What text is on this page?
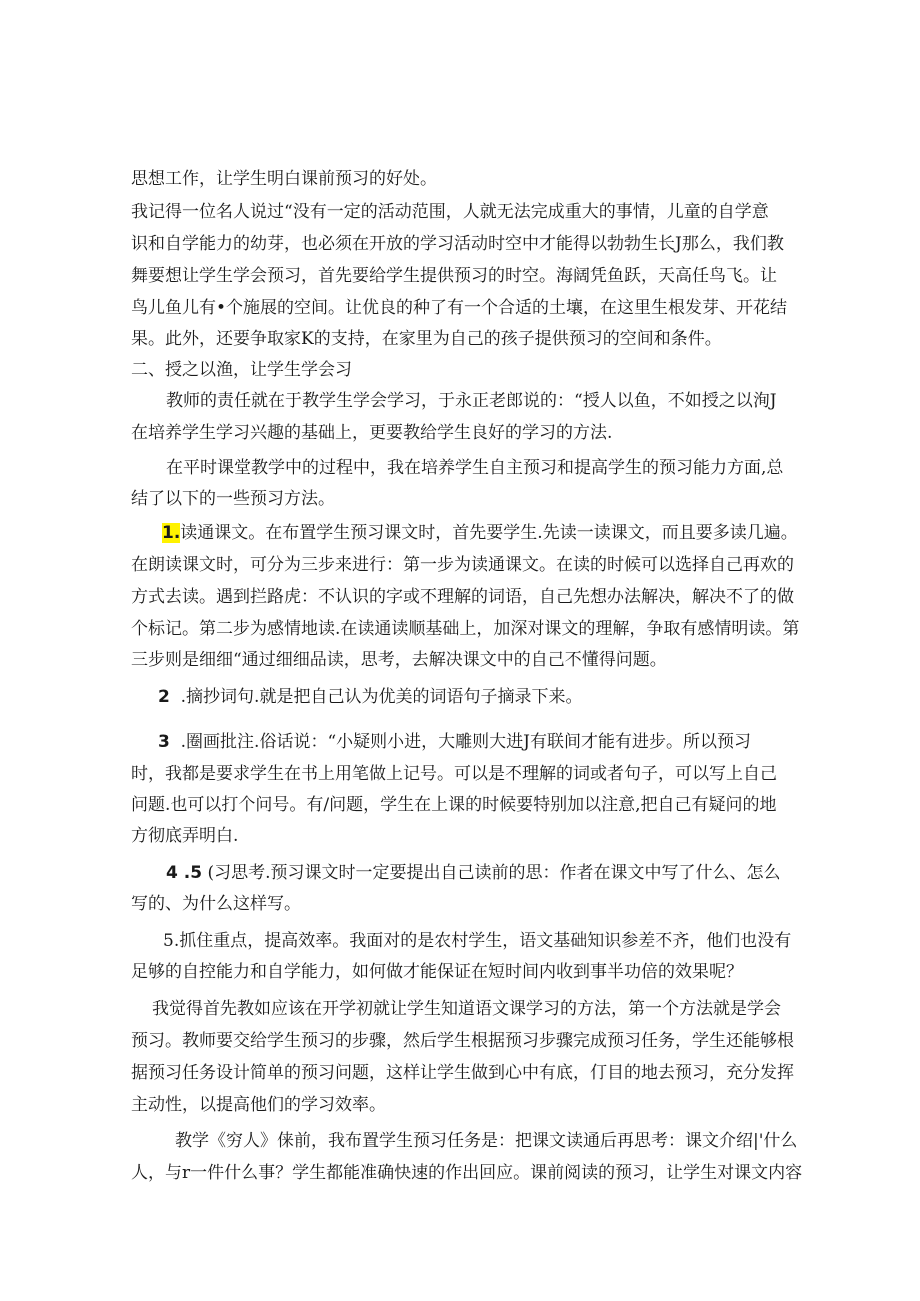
思想工作，让学生明白课前预习的好处。
我记得一位名人说过“没有一定的活动范围，人就无法完成重大的事情，儿童的自学意
识和自学能力的幼芽，也必须在开放的学习活动时空中才能得以勃勃生长J那么，我们教
舞要想让学生学会预习，首先要给学生提供预习的时空。海阔凭鱼跃，天高任鸟飞。让
鸟儿鱼儿有•个施展的空间。让优良的种了有一个合适的土壤，在这里生根发芽、开花结
果。此外，还要争取家K的支持，在家里为自己的孩子提供预习的空间和条件。
二、授之以渔，让学生学会习
教师的责任就在于教学生学会学习，于永正老郎说的：“授人以鱼，不如授之以洵J
在培养学生学习兴趣的基础上，更要教给学生良好的学习的方法.
在平时课堂教学中的过程中，我在培养学生自主预习和提高学生的预习能力方面,总
结了以下的一些预习方法。
1.读通课文。在布置学生预习课文时，首先要学生.先读一读课文，而且要多读几遍。
在朗读课文时，可分为三步来进行：第一步为读通课文。在读的时候可以选择自己再欢的
方式去读。遇到拦路虎：不认识的字或不理解的词语，自己先想办法解决，解决不了的做
个标记。第二步为感情地读.在读通读顺基础上，加深对课文的理解，争取有感情明读。第
三步则是细细“通过细细品读，思考，去解决课文中的自己不懂得问题。
2 .摘抄词句.就是把自己认为优美的词语句子摘录下来。
3 .圈画批注.俗话说：“小疑则小进，大雕则大进J有联间才能有进步。所以预习
时，我都是要求学生在书上用笔做上记号。可以是不理解的词或者句子，可以写上自己
问题.也可以打个问号。有/问题，学生在上课的时候要特别加以注意,把自己有疑问的地
方彻底弄明白.
4 .5 (习思考.预习课文时一定要提出自己读前的思：作者在课文中写了什么、怎么
写的、为什么这样写。
5.抓住重点，提高效率。我面对的是农村学生，语文基础知识参差不齐，他们也没有
足够的自控能力和自学能力，如何做才能保证在短时间内收到事半功倍的效果呢？
我觉得首先教如应该在开学初就让学生知道语文课学习的方法，第一个方法就是学会
预习。教师要交给学生预习的步骤，然后学生根据预习步骤完成预习任务，学生还能够根
据预习任务设计简单的预习问题，这样让学生做到心中有底，仃目的地去预习，充分发挥
主动性，以提高他们的学习效率。
教学《穷人》俫前，我布置学生预习任务是：把课文读通后再思考：课文介绍|'什么
人，与r一件什么事？学生都能准确快速的作出回应。课前阅读的预习，让学生对课文内容
